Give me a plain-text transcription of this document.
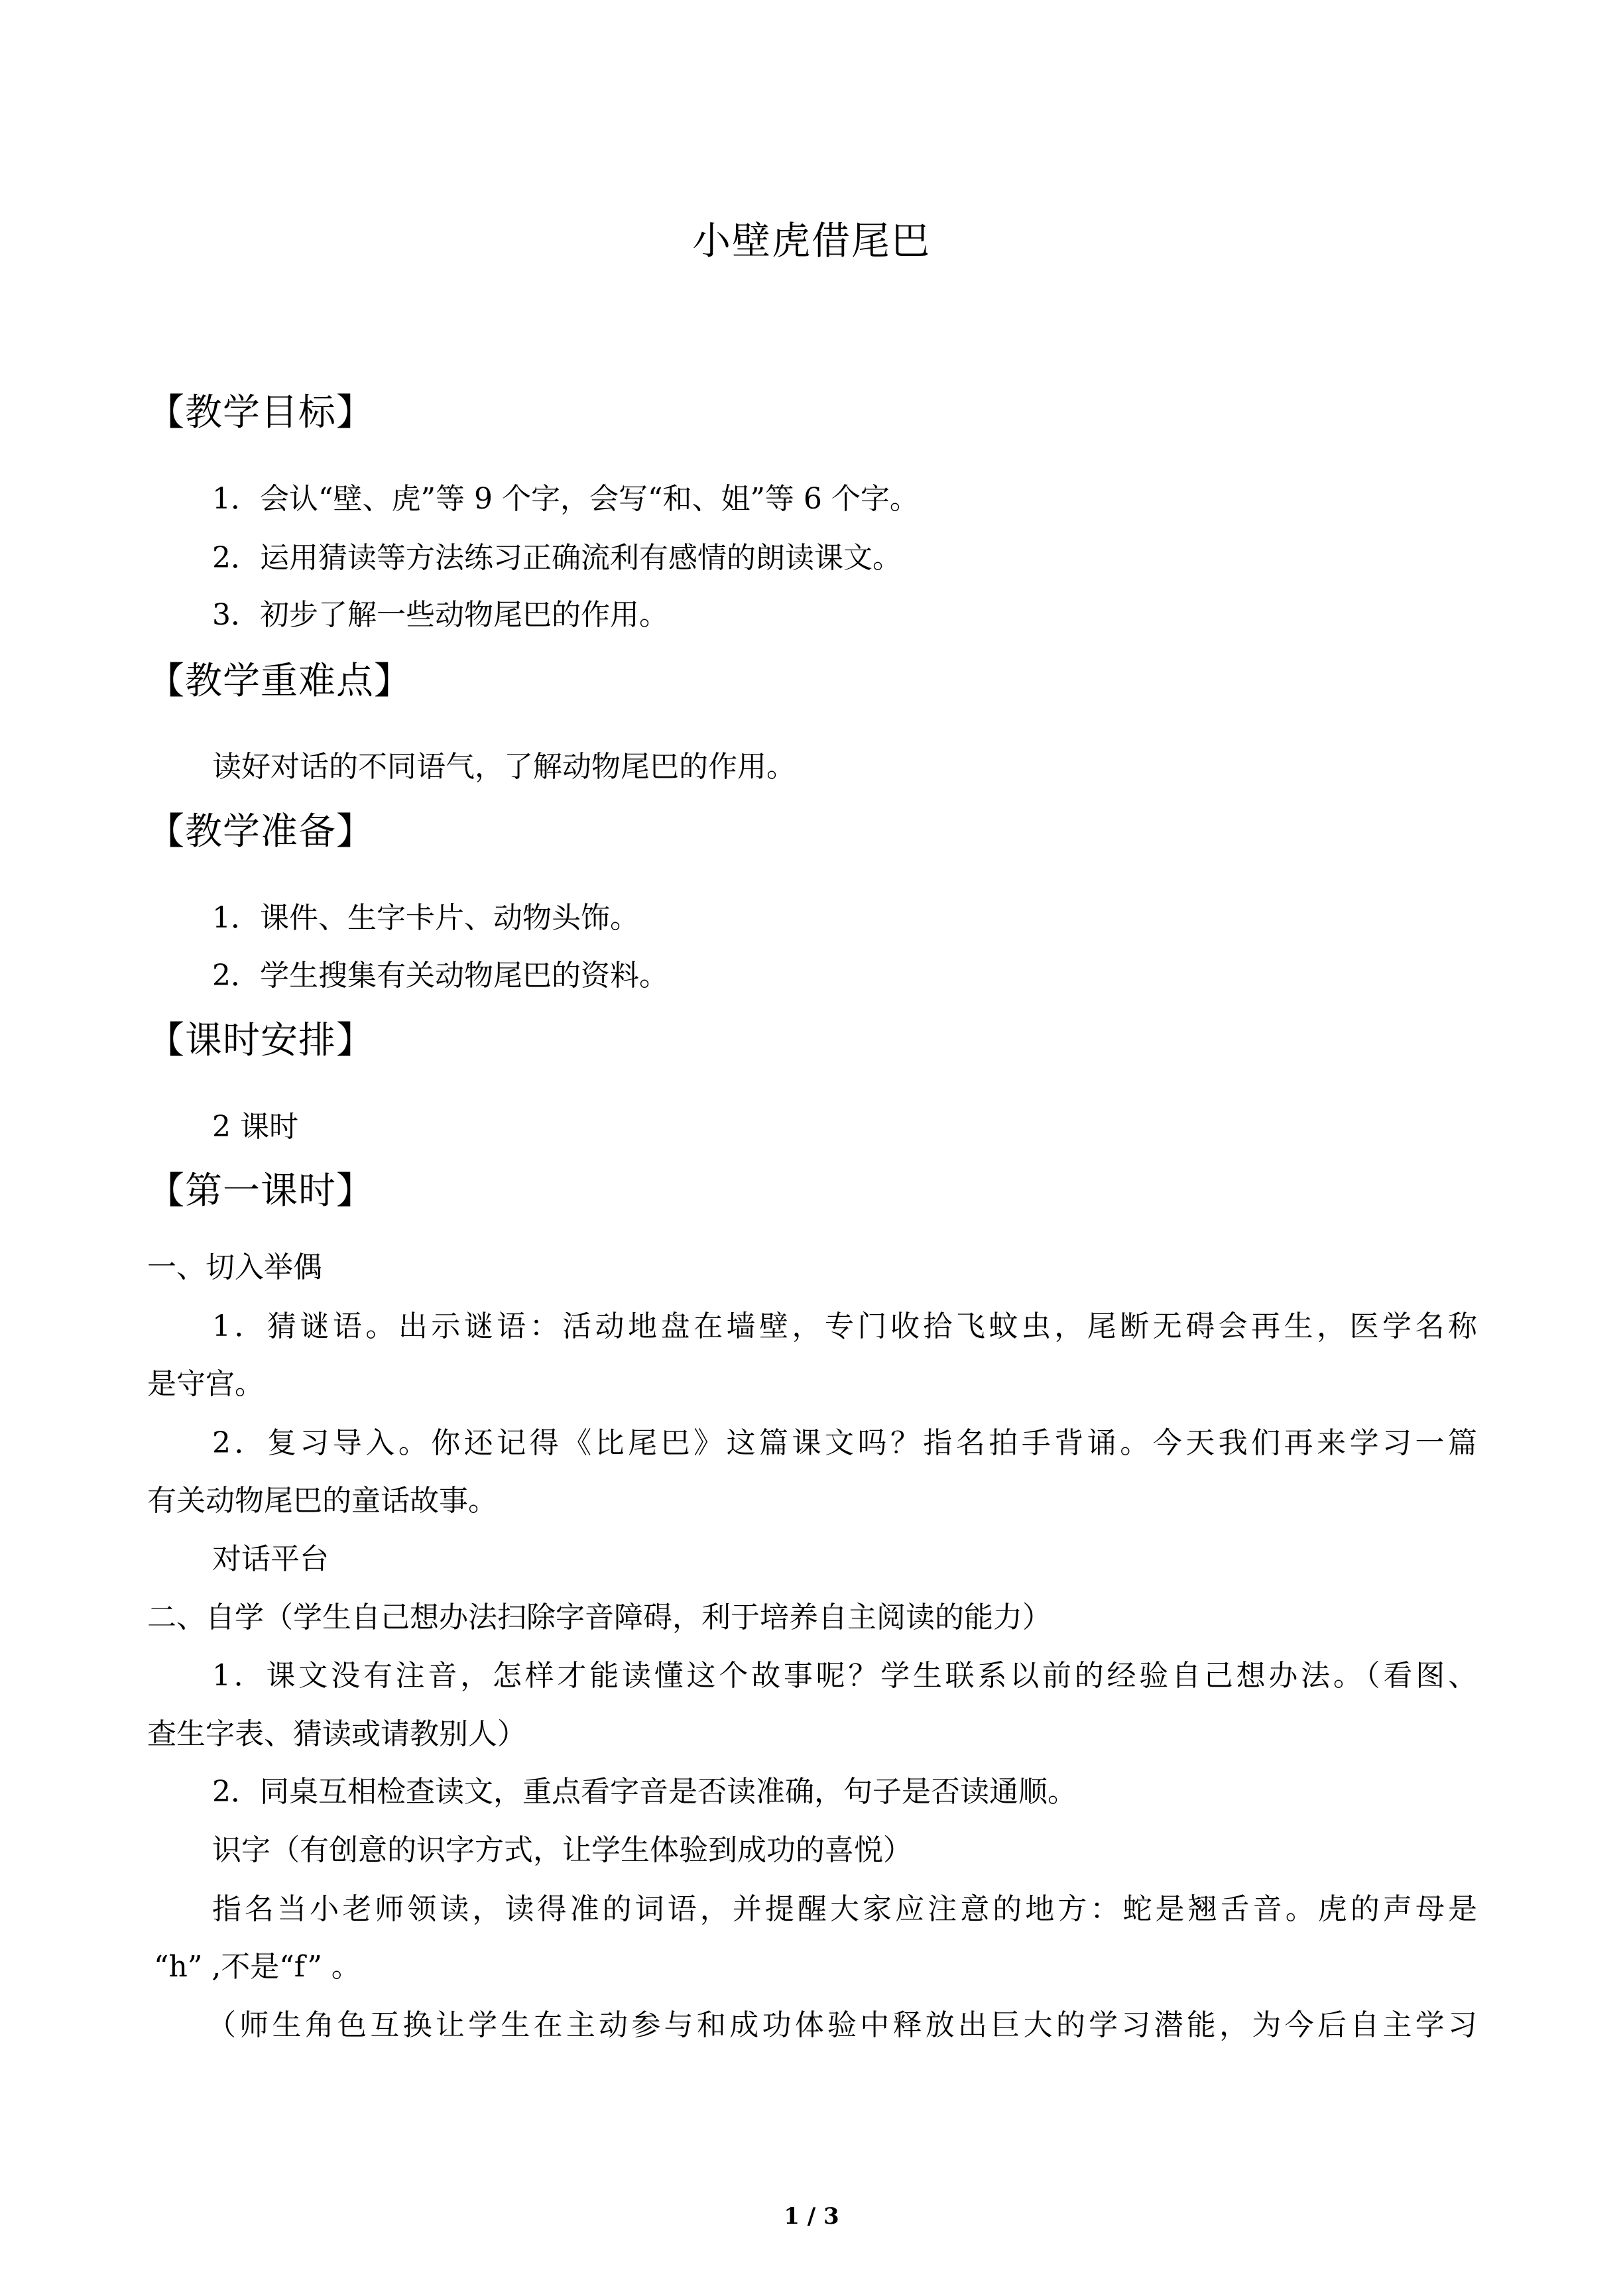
小壁虎借尾巴
【教学目标】
1．会认“壁、虎”等 9 个字，会写“和、姐”等 6 个字。
2．运用猜读等方法练习正确流利有感情的朗读课文。
3．初步了解一些动物尾巴的作用。
【教学重难点】
读好对话的不同语气，了解动物尾巴的作用。
【教学准备】
1．课件、生字卡片、动物头饰。
2．学生搜集有关动物尾巴的资料。
【课时安排】
2 课时
【第一课时】
一、切入举偶
1．猜谜语。出示谜语：活动地盘在墙壁，专门收拾飞蚊虫，尾断无碍会再生，医学名称
是守宫。
2．复习导入。你还记得《比尾巴》这篇课文吗？指名拍手背诵。今天我们再来学习一篇
有关动物尾巴的童话故事。
对话平台
二、自学（学生自己想办法扫除字音障碍，利于培养自主阅读的能力）
1．课文没有注音，怎样才能读懂这个故事呢？学生联系以前的经验自己想办法。（看图、
查生字表、猜读或请教别人）
2．同桌互相检查读文，重点看字音是否读准确，句子是否读通顺。
识字（有创意的识字方式，让学生体验到成功的喜悦）
指名当小老师领读，读得准的词语，并提醒大家应注意的地方：蛇是翘舌音。虎的声母是
“h” ,不是“f” 。
（师生角色互换让学生在主动参与和成功体验中释放出巨大的学习潜能，为今后自主学习
1 / 3
